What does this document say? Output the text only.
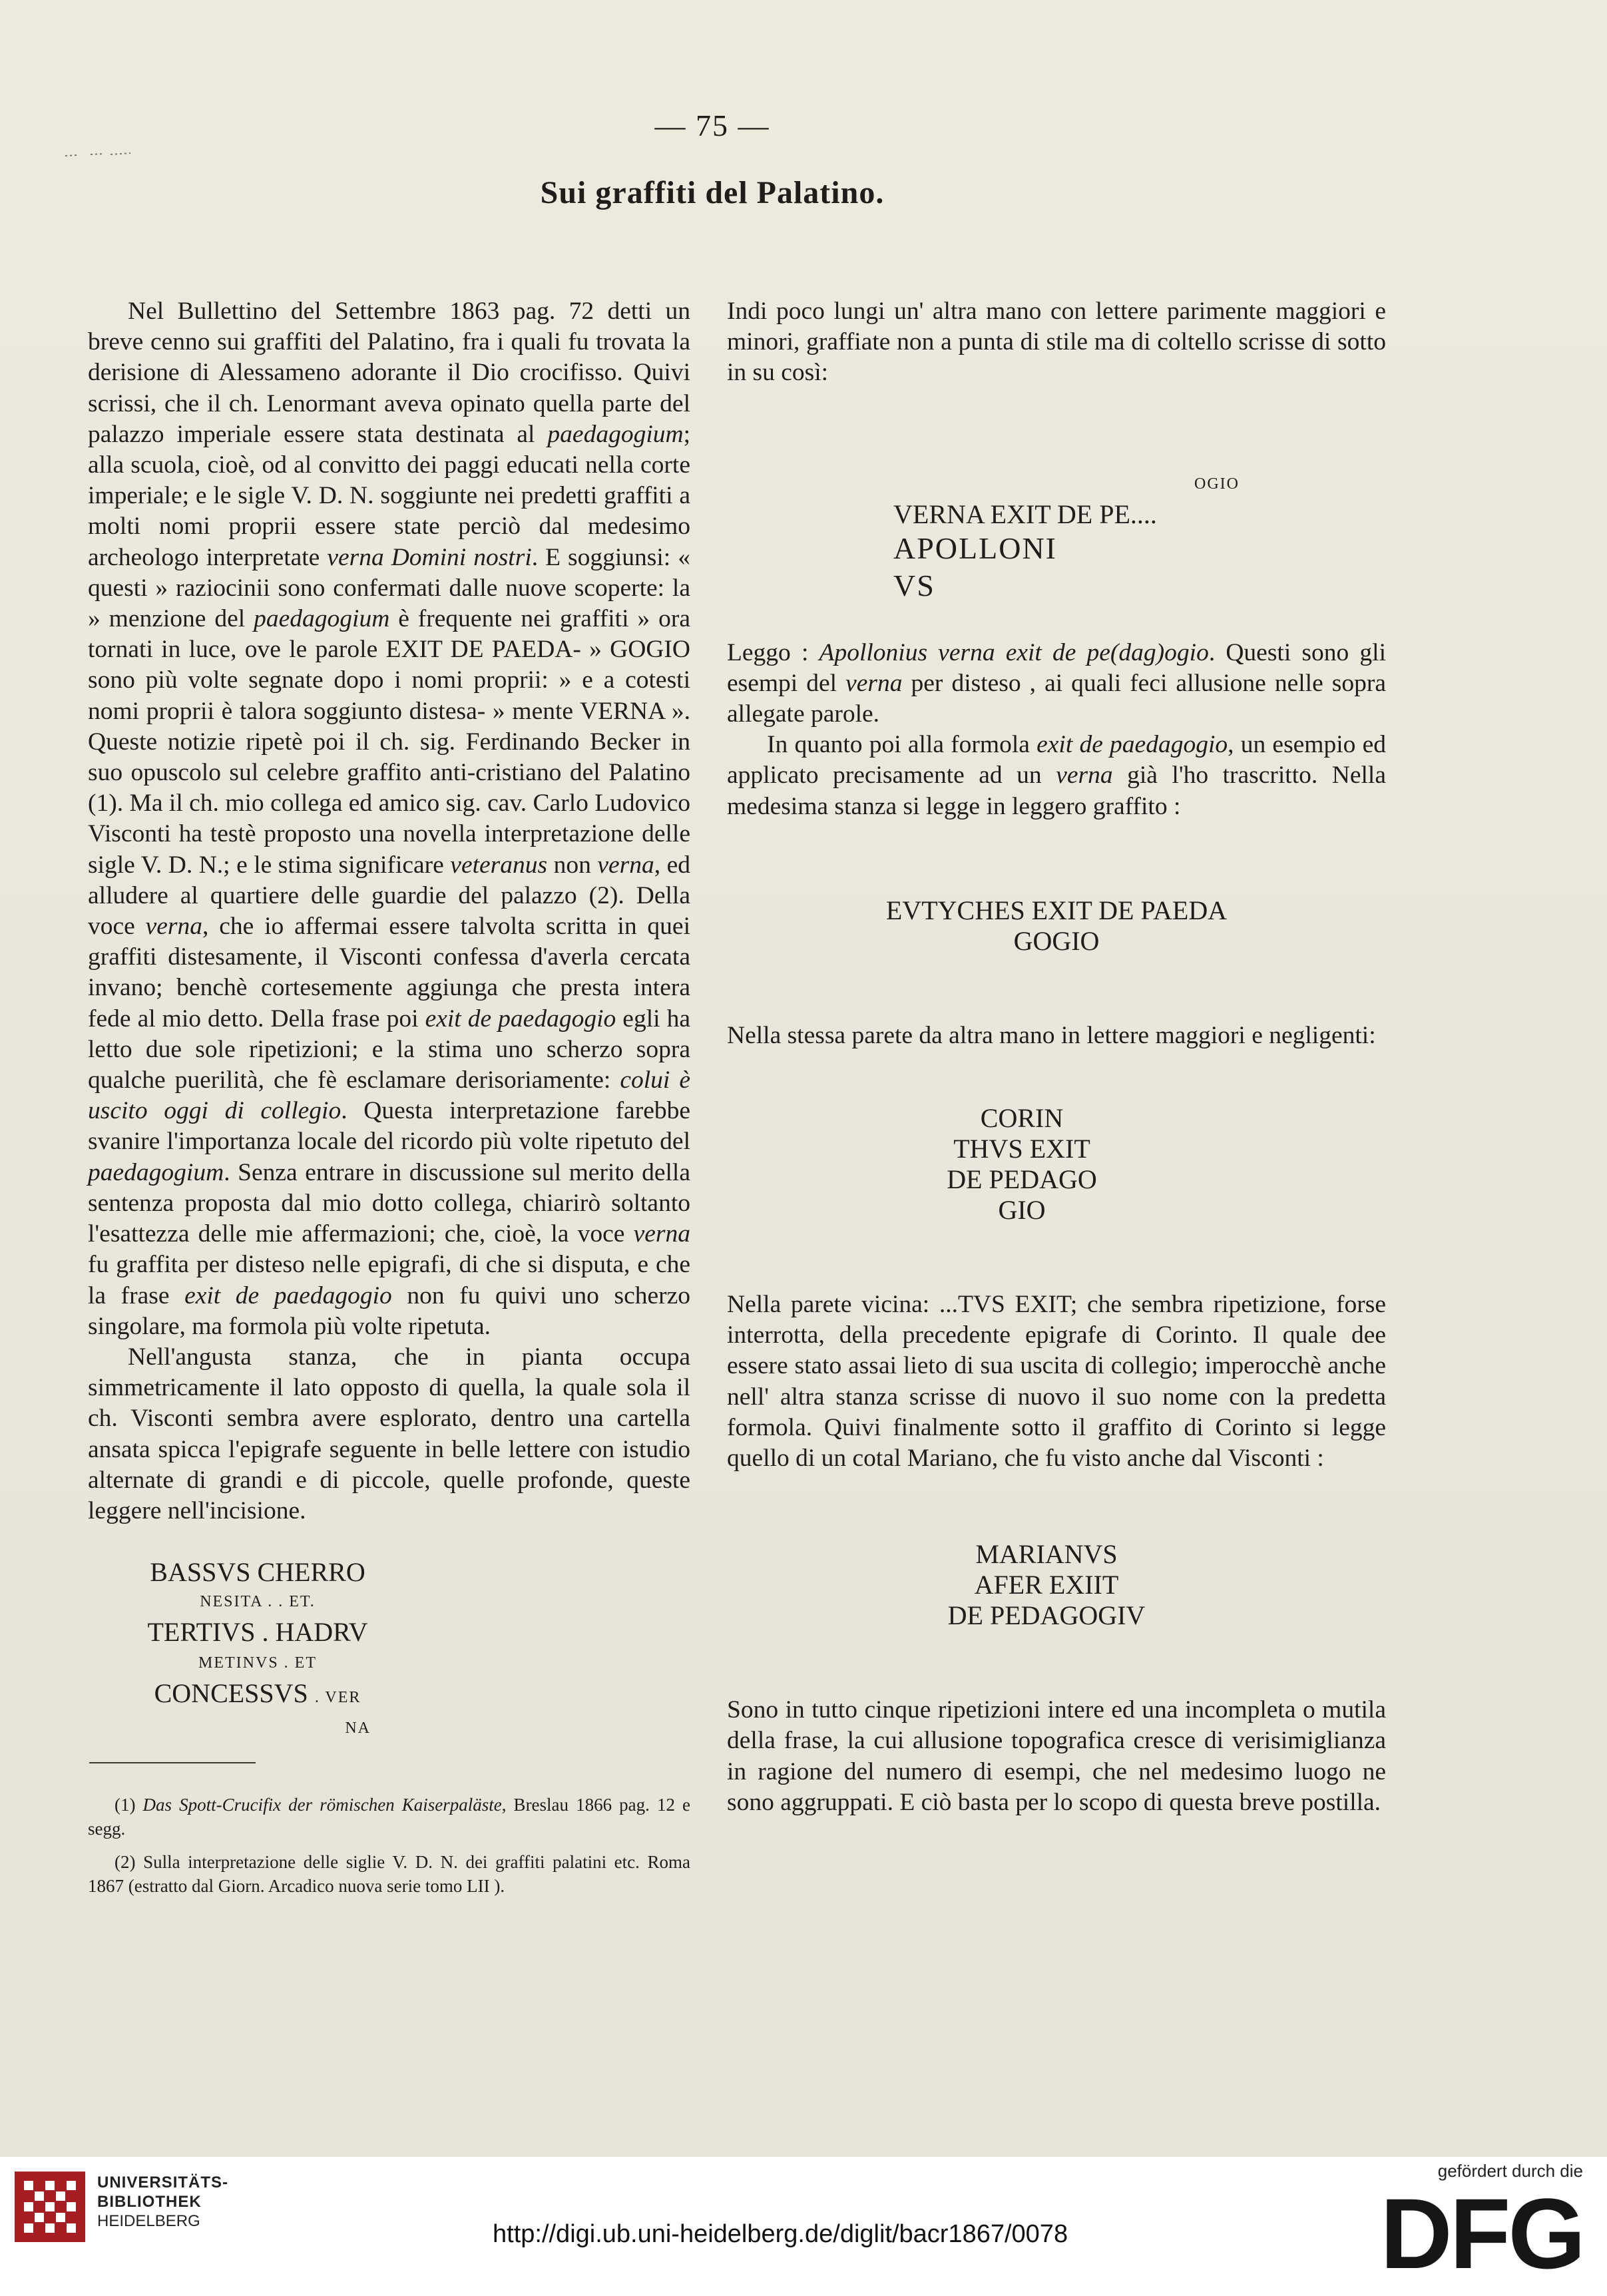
— 75 —
Sui graffiti del Palatino.

Nel Bullettino del Settembre 1863 pag. 72 detti un breve cenno sui graffiti del Palatino, fra i quali fu trovata la derisione di Alessameno adorante il Dio crocifisso. Quivi scrissi, che il ch. Lenormant aveva opinato quella parte del palazzo imperiale essere stata destinata al paedagogium; alla scuola, cioè, od al convitto dei paggi educati nella corte imperiale; e le sigle V. D. N. soggiunte nei predetti graffiti a molti nomi proprii essere state perciò dal medesimo archeologo interpretate verna Domini nostri. E soggiunsi: « questi » raziocinii sono confermati dalle nuove scoperte: la » menzione del paedagogium è frequente nei graffiti » ora tornati in luce, ove le parole EXIT DE PAEDA- » GOGIO sono più volte segnate dopo i nomi proprii: » e a cotesti nomi proprii è talora soggiunto distesa- » mente VERNA ». Queste notizie ripetè poi il ch. sig. Ferdinando Becker in suo opuscolo sul celebre graffito anti-cristiano del Palatino (1). Ma il ch. mio collega ed amico sig. cav. Carlo Ludovico Visconti ha testè proposto una novella interpretazione delle sigle V. D. N.; e le stima significare veteranus non verna, ed alludere al quartiere delle guardie del palazzo (2). Della voce verna, che io affermai essere talvolta scritta in quei graffiti distesamente, il Visconti confessa d'averla cercata invano; benchè cortesemente aggiunga che presta intera fede al mio detto. Della frase poi exit de paedagogio egli ha letto due sole ripetizioni; e la stima uno scherzo sopra qualche puerilità, che fè esclamare derisoriamente: colui è uscito oggi di collegio. Questa interpretazione farebbe svanire l'importanza locale del ricordo più volte ripetuto del paedagogium. Senza entrare in discussione sul merito della sentenza proposta dal mio dotto collega, chiarirò soltanto l'esattezza delle mie affermazioni; che, cioè, la voce verna fu graffita per disteso nelle epigrafi, di che si disputa, e che la frase exit de paedagogio non fu quivi uno scherzo singolare, ma formola più volte ripetuta.

Nell'angusta stanza, che in pianta occupa simmetricamente il lato opposto di quella, la quale sola il ch. Visconti sembra avere esplorato, dentro una cartella ansata spicca l'epigrafe seguente in belle lettere con istudio alternate di grandi e di piccole, quelle profonde, queste leggere nell'incisione.

BASSVS CHERRO
NESITA . . ET.
TERTIVS . HADRV
METINVS . ET
CONCESSVS . VER
NA

(1) Das Spott-Crucifix der römischen Kaiserpaläste, Breslau 1866 pag. 12 e segg.

(2) Sulla interpretazione delle siglie V. D. N. dei graffiti palatini etc. Roma 1867 (estratto dal Giorn. Arcadico nuova serie tomo LII ).

Indi poco lungi un' altra mano con lettere parimente maggiori e minori, graffiate non a punta di stile ma di coltello scrisse di sotto in su così:

OGIO
VERNA EXIT DE PE....
APOLLONI
VS

Leggo : Apollonius verna exit de pe(dag)ogio. Questi sono gli esempi del verna per disteso , ai quali feci allusione nelle sopra allegate parole.

In quanto poi alla formola exit de paedagogio, un esempio ed applicato precisamente ad un verna già l'ho trascritto. Nella medesima stanza si legge in leggero graffito :

EVTYCHES EXIT DE PAEDA
GOGIO

Nella stessa parete da altra mano in lettere maggiori e negligenti:

CORIN
THVS EXIT
DE PEDAGO
GIO

Nella parete vicina: ...TVS EXIT; che sembra ripetizione, forse interrotta, della precedente epigrafe di Corinto. Il quale dee essere stato assai lieto di sua uscita di collegio; imperocchè anche nell' altra stanza scrisse di nuovo il suo nome con la predetta formola. Quivi finalmente sotto il graffito di Corinto si legge quello di un cotal Mariano, che fu visto anche dal Visconti :

MARIANVS
AFER EXIIT
DE PEDAGOGIV

Sono in tutto cinque ripetizioni intere ed una incompleta o mutila della frase, la cui allusione topografica cresce di verisimiglianza in ragione del numero di esempi, che nel medesimo luogo ne sono aggruppati. E ciò basta per lo scopo di questa breve postilla.

UNIVERSITÄTS-
BIBLIOTHEK
HEIDELBERG	http://digi.ub.uni-heidelberg.de/diglit/bacr1867/0078
gefördert durch die
DFG
